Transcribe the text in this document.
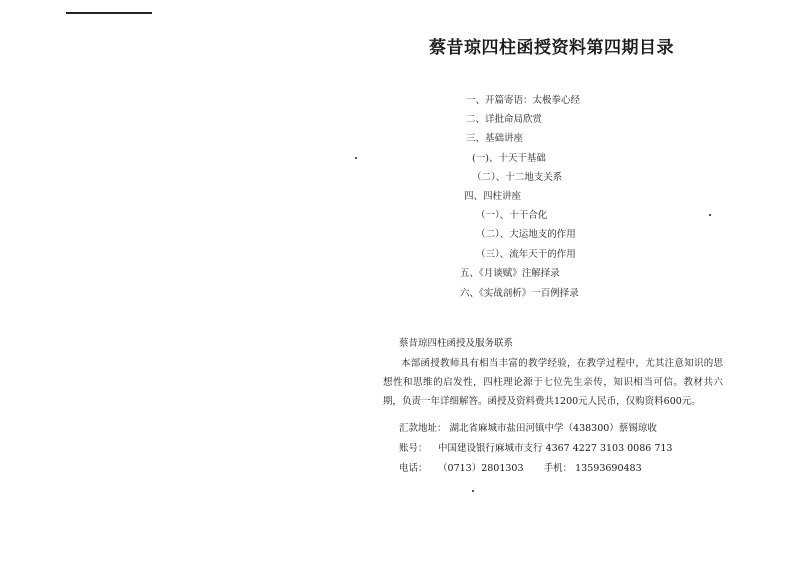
蔡昔琼四柱函授资料第四期目录
一、开篇寄语：太极拳心经
二、详批命局欣赏
三、基础讲座
(一)、十天干基础
（二）、十二地支关系
四、四柱讲座
（一）、十干合化
（二）、大运地支的作用
（三）、流年天干的作用
五、《月谈赋》注解择录
六、《实战剖析》一百例择录
蔡昔琼四柱函授及服务联系
本部函授教师具有相当丰富的教学经验，在教学过程中，尤其注意知识的思想性和思维的启发性，四柱理论源于七位先生亲传，知识相当可信。教材共六期，负责一年详细解答。函授及资料费共1200元人民币，仅购资料600元。
汇款地址： 湖北省麻城市盐田河镇中学（438300）蔡锡琼收
账号： 中国建设银行麻城市支行 4367 4227 3103 0086 713
电话： （0713）2801303 手机： 13593690483
